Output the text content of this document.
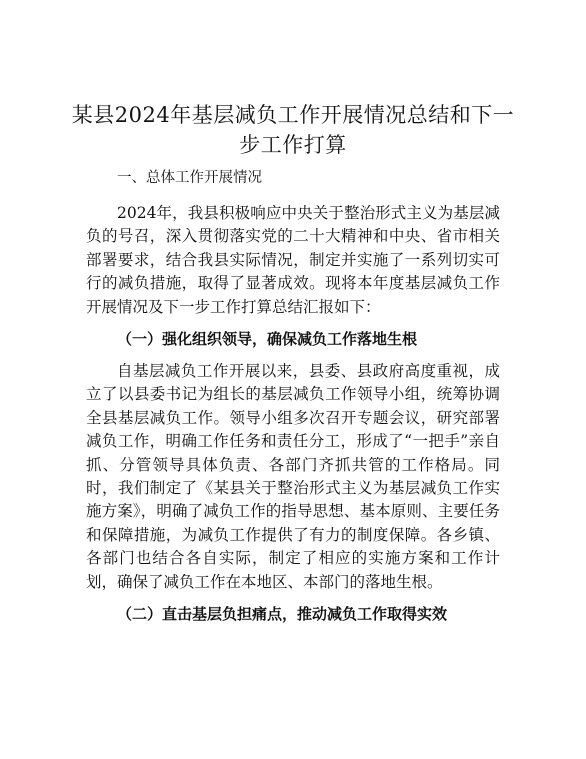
某县2024年基层减负工作开展情况总结和下一步工作打算

一、总体工作开展情况

2024年，我县积极响应中央关于整治形式主义为基层减负的号召，深入贯彻落实党的二十大精神和中央、省市相关部署要求，结合我县实际情况，制定并实施了一系列切实可行的减负措施，取得了显著成效。现将本年度基层减负工作开展情况及下一步工作打算总结汇报如下：

（一）强化组织领导，确保减负工作落地生根

自基层减负工作开展以来，县委、县政府高度重视，成立了以县委书记为组长的基层减负工作领导小组，统筹协调全县基层减负工作。领导小组多次召开专题会议，研究部署减负工作，明确工作任务和责任分工，形成了“一把手”亲自抓、分管领导具体负责、各部门齐抓共管的工作格局。同时，我们制定了《某县关于整治形式主义为基层减负工作实施方案》，明确了减负工作的指导思想、基本原则、主要任务和保障措施，为减负工作提供了有力的制度保障。各乡镇、各部门也结合各自实际，制定了相应的实施方案和工作计划，确保了减负工作在本地区、本部门的落地生根。

（二）直击基层负担痛点，推动减负工作取得实效
